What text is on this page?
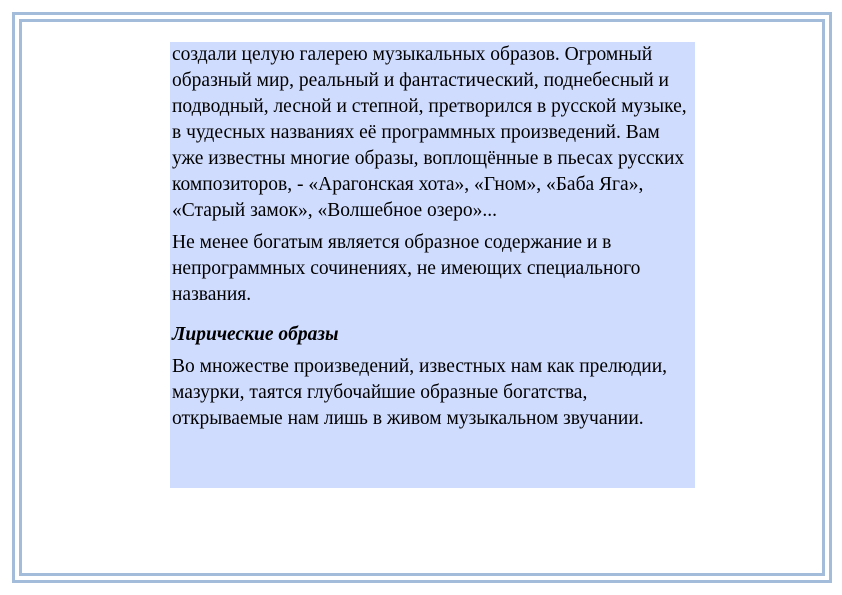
создали целую галерею музыкальных образов. Огромный образный мир, реальный и фантастический, поднебесный и подводный, лесной и степной, претворился в русской музыке, в чудесных названиях её программных произведений. Вам уже известны многие образы, воплощённые в пьесах русских композиторов, - «Арагонская хота», «Гном», «Баба Яга», «Старый замок», «Волшебное озеро»...

Не менее богатым является образное содержание и в непрограммных сочинениях, не имеющих специального названия.

Лирические образы

Во множестве произведений, известных нам как прелюдии, мазурки, таятся глубочайшие образные богатства, открываемые нам лишь в живом музыкальном звучании.
